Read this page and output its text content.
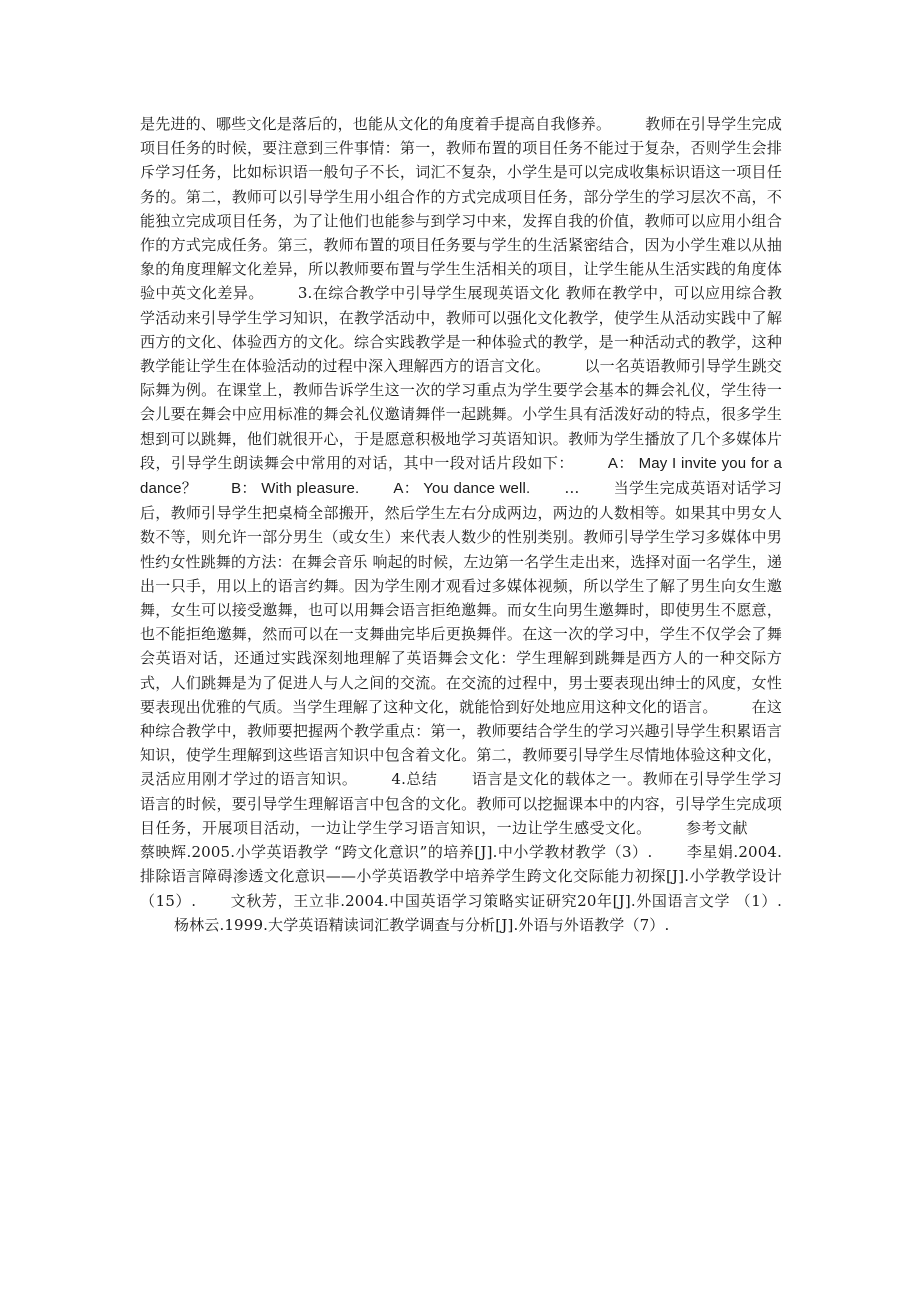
是先进的、哪些文化是落后的，也能从文化的角度着手提高自我修养。 教师在引导学生完成项目任务的时候，要注意到三件事情：第一，教师布置的项目任务不能过于复杂，否则学生会排斥学习任务，比如标识语一般句子不长，词汇不复杂，小学生是可以完成收集标识语这一项目任务的。第二，教师可以引导学生用小组合作的方式完成项目任务，部分学生的学习层次不高，不能独立完成项目任务，为了让他们也能参与到学习中来，发挥自我的价值，教师可以应用小组合作的方式完成任务。第三，教师布置的项目任务要与学生的生活紧密结合，因为小学生难以从抽象的角度理解文化差异，所以教师要布置与学生生活相关的项目，让学生能从生活实践的角度体验中英文化差异。 3.在综合教学中引导学生展现英语文化 教师在教学中，可以应用综合教学活动来引导学生学习知识，在教学活动中，教师可以强化文化教学，使学生从活动实践中了解西方的文化、体验西方的文化。综合实践教学是一种体验式的教学，是一种活动式的教学，这种教学能让学生在体验活动的过程中深入理解西方的语言文化。 以一名英语教师引导学生跳交际舞为例。在课堂上，教师告诉学生这一次的学习重点为学生要学会基本的舞会礼仪，学生待一会儿要在舞会中应用标准的舞会礼仪邀请舞伴一起跳舞。小学生具有活泼好动的特点，很多学生想到可以跳舞，他们就很开心，于是愿意积极地学习英语知识。教师为学生播放了几个多媒体片段，引导学生朗读舞会中常用的对话，其中一段对话片段如下： A： May I invite you for a dance？ B： With pleasure. A： You dance well. … 当学生完成英语对话学习后，教师引导学生把桌椅全部搬开，然后学生左右分成两边，两边的人数相等。如果其中男女人数不等，则允许一部分男生（或女生）来代表人数少的性别类别。教师引导学生学习多媒体中男性约女性跳舞的方法：在舞会音乐 响起的时候，左边第一名学生走出来，选择对面一名学生，递出一只手，用以上的语言约舞。因为学生刚才观看过多媒体视频，所以学生了解了男生向女生邀舞，女生可以接受邀舞，也可以用舞会语言拒绝邀舞。而女生向男生邀舞时，即使男生不愿意，也不能拒绝邀舞，然而可以在一支舞曲完毕后更换舞伴。在这一次的学习中，学生不仅学会了舞会英语对话，还通过实践深刻地理解了英语舞会文化：学生理解到跳舞是西方人的一种交际方式，人们跳舞是为了促进人与人之间的交流。在交流的过程中，男士要表现出绅士的风度，女性要表现出优雅的气质。当学生理解了这种文化，就能恰到好处地应用这种文化的语言。 在这种综合教学中，教师要把握两个教学重点：第一，教师要结合学生的学习兴趣引导学生积累语言知识，使学生理解到这些语言知识中包含着文化。第二，教师要引导学生尽情地体验这种文化，灵活应用刚才学过的语言知识。 4.总结 语言是文化的载体之一。教师在引导学生学习语言的时候，要引导学生理解语言中包含的文化。教师可以挖掘课本中的内容，引导学生完成项目任务，开展项目活动，一边让学生学习语言知识，一边让学生感受文化。 参考文献蔡映辉.2005.小学英语教学 “跨文化意识”的培养[J].中小学教材教学（3）. 李星娟.2004.排除语言障碍渗透文化意识——小学英语教学中培养学生跨文化交际能力初探[J].小学教学设计（15）. 文秋芳，王立非.2004.中国英语学习策略实证研究20年[J].外国语言文学 （1）.杨林云.1999.大学英语精读词汇教学调查与分析[J].外语与外语教学（7）.
